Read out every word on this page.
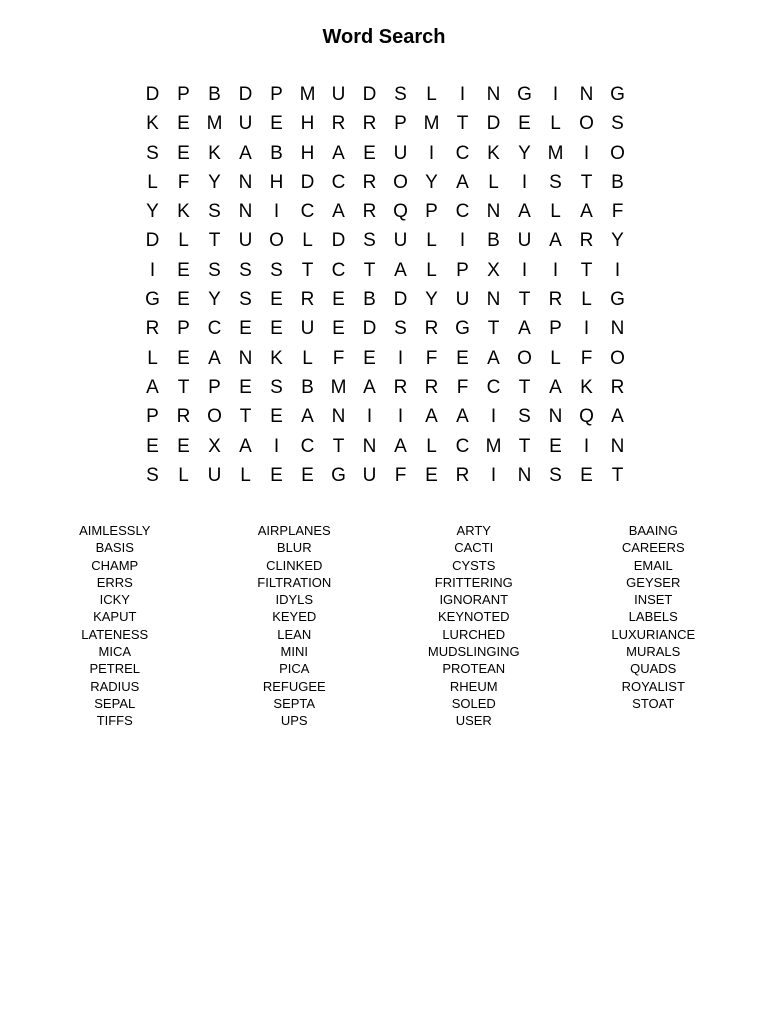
Word Search
D P B D P M U D S	L	I	N G	I	N G
K E M U E H R R P M T D E	L O S
S E K A B H A E U	I	C K Y M	I	O
L	F Y N H D C R O Y A	L	I	S T B
Y K S N	I	C A R Q P C N A	L	A F
D L	T U O L D S U L	I	B U A R Y
I	E S S S T C T A	L	P X	I	I	T	I
G E Y S E R E B D Y U N T R L G
R P C E E U E D S R G T A P	I	N
L	E A N K	L	F E	I	F E A O L	F O
A T P E S B M A R R F C T A K R
P R O T E A N	I	I	A A	I	S N Q A
E E X A	I	C T N A	L C M T E	I	N
S	L U L	E E G U F E R	I	N S E T
AIMLESSLY
BASIS
CHAMP
ERRS
ICKY
KAPUT
LATENESS
MICA
PETREL
RADIUS
SEPAL
TIFFS
AIRPLANES
BLUR
CLINKED
FILTRATION
IDYLS
KEYED
LEAN
MINI
PICA
REFUGEE
SEPTA
UPS
ARTY
CACTI
CYSTS
FRITTERING
IGNORANT
KEYNOTED
LURCHED
MUDSLINGING
PROTEAN
RHEUM
SOLED
USER
BAAING
CAREERS
EMAIL
GEYSER
INSET
LABELS
LUXURIANCE
MURALS
QUADS
ROYALIST
STOAT
